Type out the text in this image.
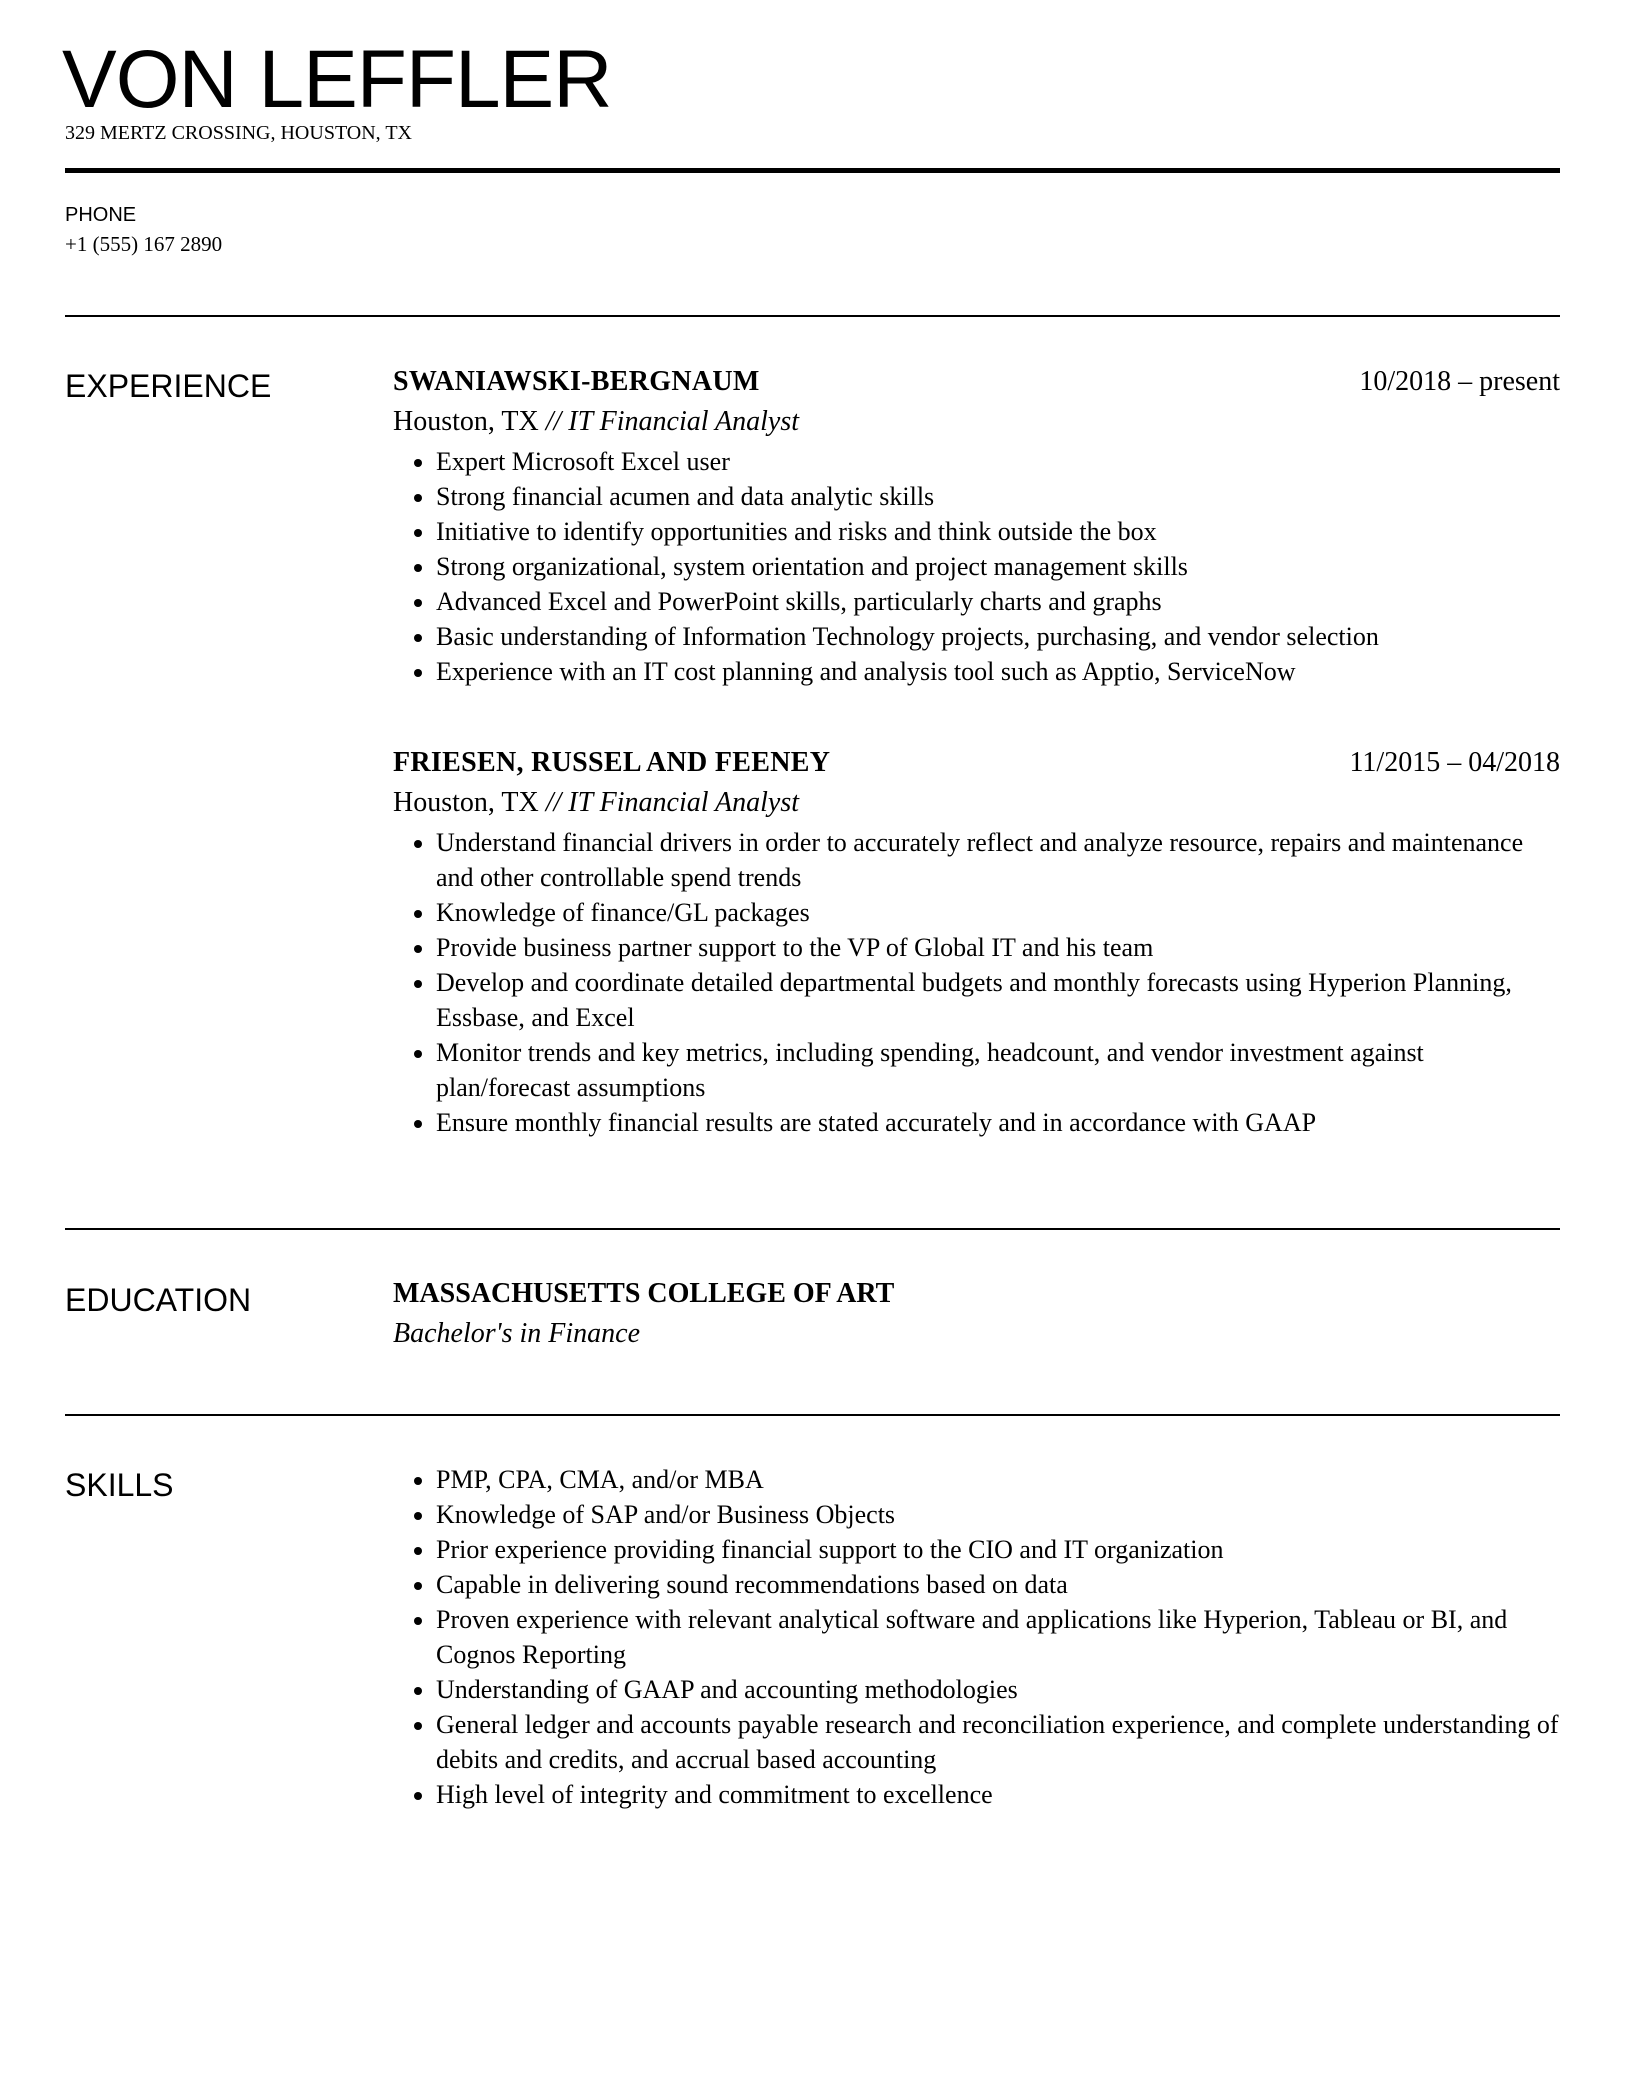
VON LEFFLER
329 MERTZ CROSSING, HOUSTON, TX
PHONE
+1 (555) 167 2890
EXPERIENCE	SWANIAWSKI-BERGNAUM	10/2018 – present
Houston, TX // IT Financial Analyst
• Expert Microsoft Excel user
• Strong financial acumen and data analytic skills
• Initiative to identify opportunities and risks and think outside the box
• Strong organizational, system orientation and project management skills
• Advanced Excel and PowerPoint skills, particularly charts and graphs
• Basic understanding of Information Technology projects, purchasing, and vendor selection
• Experience with an IT cost planning and analysis tool such as Apptio, ServiceNow
FRIESEN, RUSSEL AND FEENEY	11/2015 – 04/2018
Houston, TX // IT Financial Analyst
• Understand financial drivers in order to accurately reflect and analyze resource, repairs and maintenance and other controllable spend trends
• Knowledge of finance/GL packages
• Provide business partner support to the VP of Global IT and his team
• Develop and coordinate detailed departmental budgets and monthly forecasts using Hyperion Planning, Essbase, and Excel
• Monitor trends and key metrics, including spending, headcount, and vendor investment against plan/forecast assumptions
• Ensure monthly financial results are stated accurately and in accordance with GAAP
EDUCATION	MASSACHUSETTS COLLEGE OF ART
Bachelor's in Finance
SKILLS	• PMP, CPA, CMA, and/or MBA
• Knowledge of SAP and/or Business Objects
• Prior experience providing financial support to the CIO and IT organization
• Capable in delivering sound recommendations based on data
• Proven experience with relevant analytical software and applications like Hyperion, Tableau or BI, and Cognos Reporting
• Understanding of GAAP and accounting methodologies
• General ledger and accounts payable research and reconciliation experience, and complete understanding of debits and credits, and accrual based accounting
• High level of integrity and commitment to excellence
